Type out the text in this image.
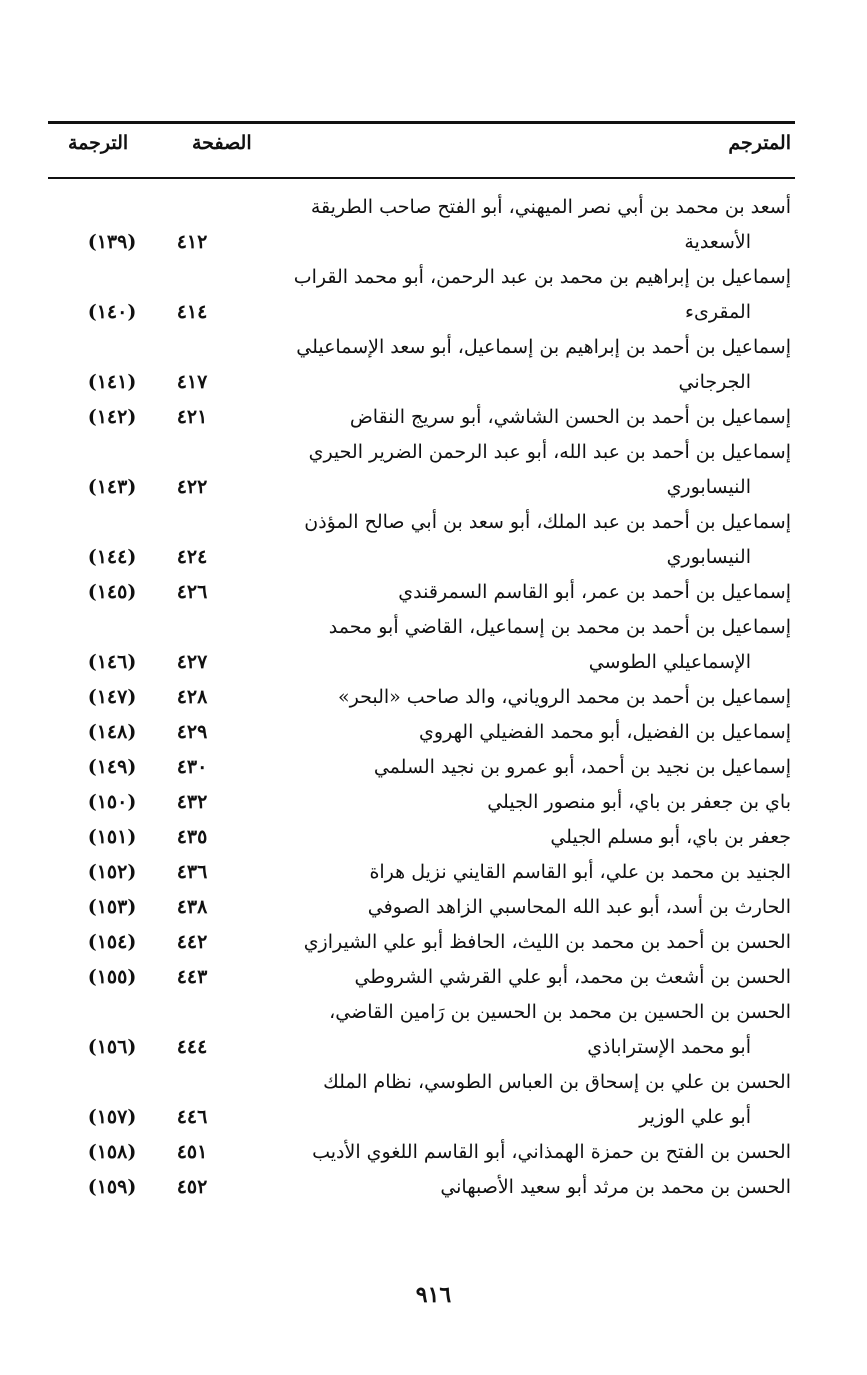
المترجم
الصفحة
الترجمة
أسعد بن محمد بن أبي نصر الميهني، أبو الفتح صاحب الطريقة
الأسعدية
٤١٢
(١٣٩)
إسماعيل بن إبراهيم بن محمد بن عبد الرحمن، أبو محمد القراب
المقرىء
٤١٤
(١٤٠)
إسماعيل بن أحمد بن إبراهيم بن إسماعيل، أبو سعد الإسماعيلي
الجرجاني
٤١٧
(١٤١)
إسماعيل بن أحمد بن الحسن الشاشي، أبو سريج النقاض
٤٢١
(١٤٢)
إسماعيل بن أحمد بن عبد الله، أبو عبد الرحمن الضرير الحيري
النيسابوري
٤٢٢
(١٤٣)
إسماعيل بن أحمد بن عبد الملك، أبو سعد بن أبي صالح المؤذن
النيسابوري
٤٢٤
(١٤٤)
إسماعيل بن أحمد بن عمر، أبو القاسم السمرقندي
٤٢٦
(١٤٥)
إسماعيل بن أحمد بن محمد بن إسماعيل، القاضي أبو محمد
الإسماعيلي الطوسي
٤٢٧
(١٤٦)
إسماعيل بن أحمد بن محمد الروياني، والد صاحب «البحر»
٤٢٨
(١٤٧)
إسماعيل بن الفضيل، أبو محمد الفضيلي الهروي
٤٢٩
(١٤٨)
إسماعيل بن نجيد بن أحمد، أبو عمرو بن نجيد السلمي
٤٣٠
(١٤٩)
باي بن جعفر بن باي، أبو منصور الجيلي
٤٣٢
(١٥٠)
جعفر بن باي، أبو مسلم الجيلي
٤٣٥
(١٥١)
الجنيد بن محمد بن علي، أبو القاسم القايني نزيل هراة
٤٣٦
(١٥٢)
الحارث بن أسد، أبو عبد الله المحاسبي الزاهد الصوفي
٤٣٨
(١٥٣)
الحسن بن أحمد بن محمد بن الليث، الحافظ أبو علي الشيرازي
٤٤٢
(١٥٤)
الحسن بن أشعث بن محمد، أبو علي القرشي الشروطي
٤٤٣
(١٥٥)
الحسن بن الحسين بن محمد بن الحسين بن رَامين القاضي،
أبو محمد الإستراباذي
٤٤٤
(١٥٦)
الحسن بن علي بن إسحاق بن العباس الطوسي، نظام الملك
أبو علي الوزير
٤٤٦
(١٥٧)
الحسن بن الفتح بن حمزة الهمذاني، أبو القاسم اللغوي الأديب
٤٥١
(١٥٨)
الحسن بن محمد بن مرثد أبو سعيد الأصبهاني
٤٥٢
(١٥٩)
٩١٦
